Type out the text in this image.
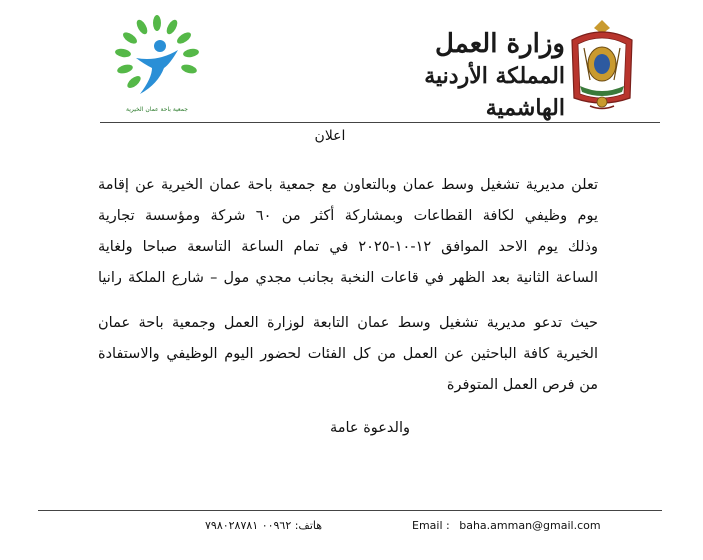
وزارة العمل
المملكة الأردنية الهاشمية
جمعية باحة عمان الخيرية
اعلان
تعلن مديرية تشغيل وسط عمان وبالتعاون مع جمعية باحة عمان الخيرية عن إقامة
يوم وظيفي لكافة القطاعات وبمشاركة أكثر من ٦٠ شركة ومؤسسة تجارية
وذلك يوم الاحد الموافق ١٢-١٠-٢٠٢٥ في تمام الساعة التاسعة صباحا ولغاية
الساعة الثانية بعد الظهر في قاعات النخبة بجانب مجدي مول – شارع الملكة رانيا
حيث تدعو مديرية تشغيل وسط عمان التابعة لوزارة العمل وجمعية باحة عمان
الخيرية كافة الباحثين عن العمل من كل الفئات لحضور اليوم الوظيفي والاستفادة
من فرص العمل المتوفرة
والدعوة عامة
هاتف: ٠٠٩٦٢ ٧٩٨٠٢٨٧٨١	Email : baha.amman@gmail.com
